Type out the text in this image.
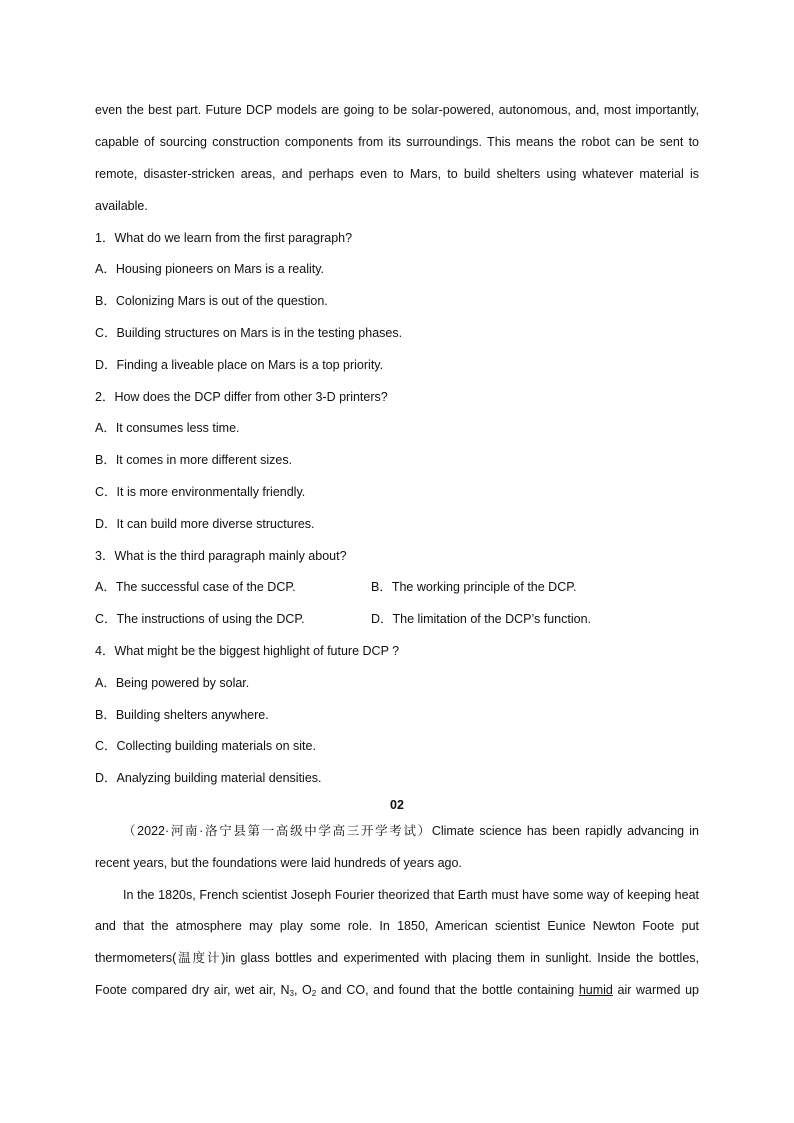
even the best part. Future DCP models are going to be solar-powered, autonomous, and, most importantly,
capable of sourcing construction components from its surroundings. This means the robot can be sent to
remote, disaster-stricken areas, and perhaps even to Mars, to build shelters using whatever material is
available.
1．What do we learn from the first paragraph?
A．Housing pioneers on Mars is a reality.
B．Colonizing Mars is out of the question.
C．Building structures on Mars is in the testing phases.
D．Finding a liveable place on Mars is a top priority.
2．How does the DCP differ from other 3-D printers?
A．It consumes less time.
B．It comes in more different sizes.
C．It is more environmentally friendly.
D．It can build more diverse structures.
3．What is the third paragraph mainly about?
A．The successful case of the DCP.	B．The working principle of the DCP.
C．The instructions of using the DCP.	D．The limitation of the DCP’s function.
4．What might be the biggest highlight of future DCP ?
A．Being powered by solar.
B．Building shelters anywhere.
C．Collecting building materials on site.
D．Analyzing building material densities.
02
（2022·河南·洛宁县第一高级中学高三开学考试）Climate science has been rapidly advancing in
recent years, but the foundations were laid hundreds of years ago.
In the 1820s, French scientist Joseph Fourier theorized that Earth must have some way of keeping heat
and that the atmosphere may play some role. In 1850, American scientist Eunice Newton Foote put
thermometers(温度计)in glass bottles and experimented with placing them in sunlight. Inside the bottles,
Foote compared dry air, wet air, $N_3$, $O_2$ and CO, and found that the bottle containing humid air warmed up
